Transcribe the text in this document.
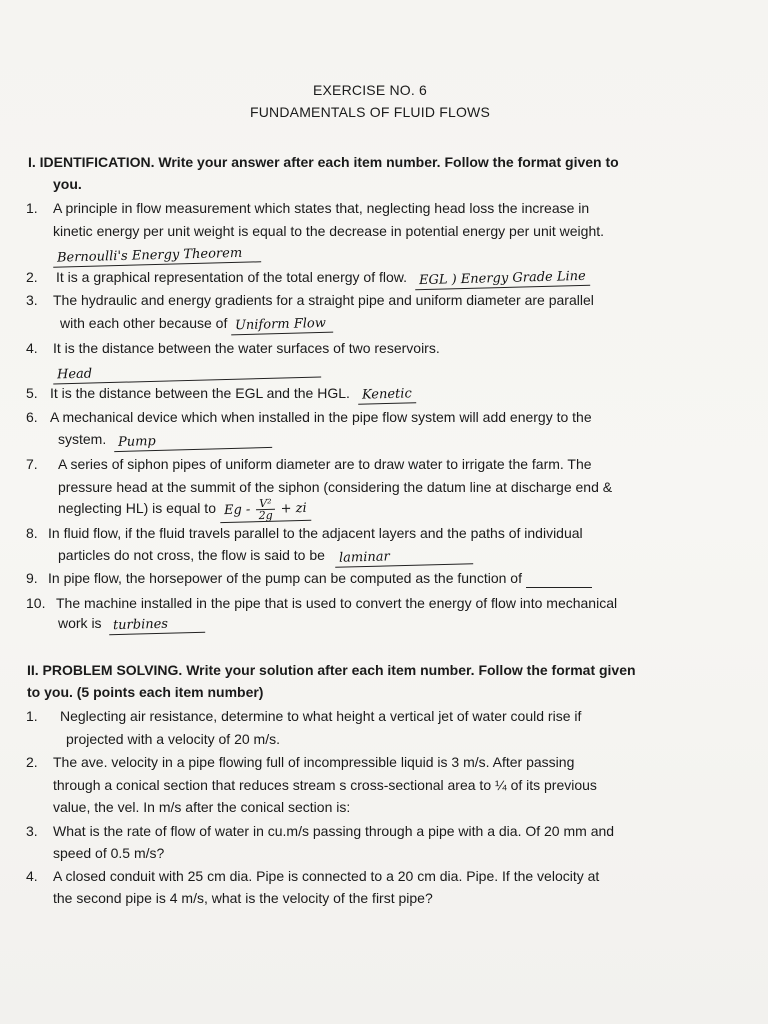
EXERCISE NO. 6
FUNDAMENTALS OF FLUID FLOWS
I. IDENTIFICATION. Write your answer after each item number. Follow the format given to
you.
1. A principle in flow measurement which states that, neglecting head loss the increase in
kinetic energy per unit weight is equal to the decrease in potential energy per unit weight.
Bernoulli's Energy Theorem
2. It is a graphical representation of the total energy of flow. EGL ) Energy Grade Line
3. The hydraulic and energy gradients for a straight pipe and uniform diameter are parallel
with each other because of Uniform Flow
4. It is the distance between the water surfaces of two reservoirs.
Head
5. It is the distance between the EGL and the HGL. Kenetic
6. A mechanical device which when installed in the pipe flow system will add energy to the
system. Pump
7. A series of siphon pipes of uniform diameter are to draw water to irrigate the farm. The
pressure head at the summit of the siphon (considering the datum line at discharge end &
neglecting HL) is equal to Eg - $\frac{\text{V²}}{2g}$ + zi
8. In fluid flow, if the fluid travels parallel to the adjacent layers and the paths of individual
particles do not cross, the flow is said to be laminar
9. In pipe flow, the horsepower of the pump can be computed as the function of
10. The machine installed in the pipe that is used to convert the energy of flow into mechanical
work is turbines
II. PROBLEM SOLVING. Write your solution after each item number. Follow the format given
to you. (5 points each item number)
1. Neglecting air resistance, determine to what height a vertical jet of water could rise if
projected with a velocity of 20 m/s.
2. The ave. velocity in a pipe flowing full of incompressible liquid is 3 m/s. After passing
through a conical section that reduces stream s cross-sectional area to ¼ of its previous
value, the vel. In m/s after the conical section is:
3. What is the rate of flow of water in cu.m/s passing through a pipe with a dia. Of 20 mm and
speed of 0.5 m/s?
4. A closed conduit with 25 cm dia. Pipe is connected to a 20 cm dia. Pipe. If the velocity at
the second pipe is 4 m/s, what is the velocity of the first pipe?
